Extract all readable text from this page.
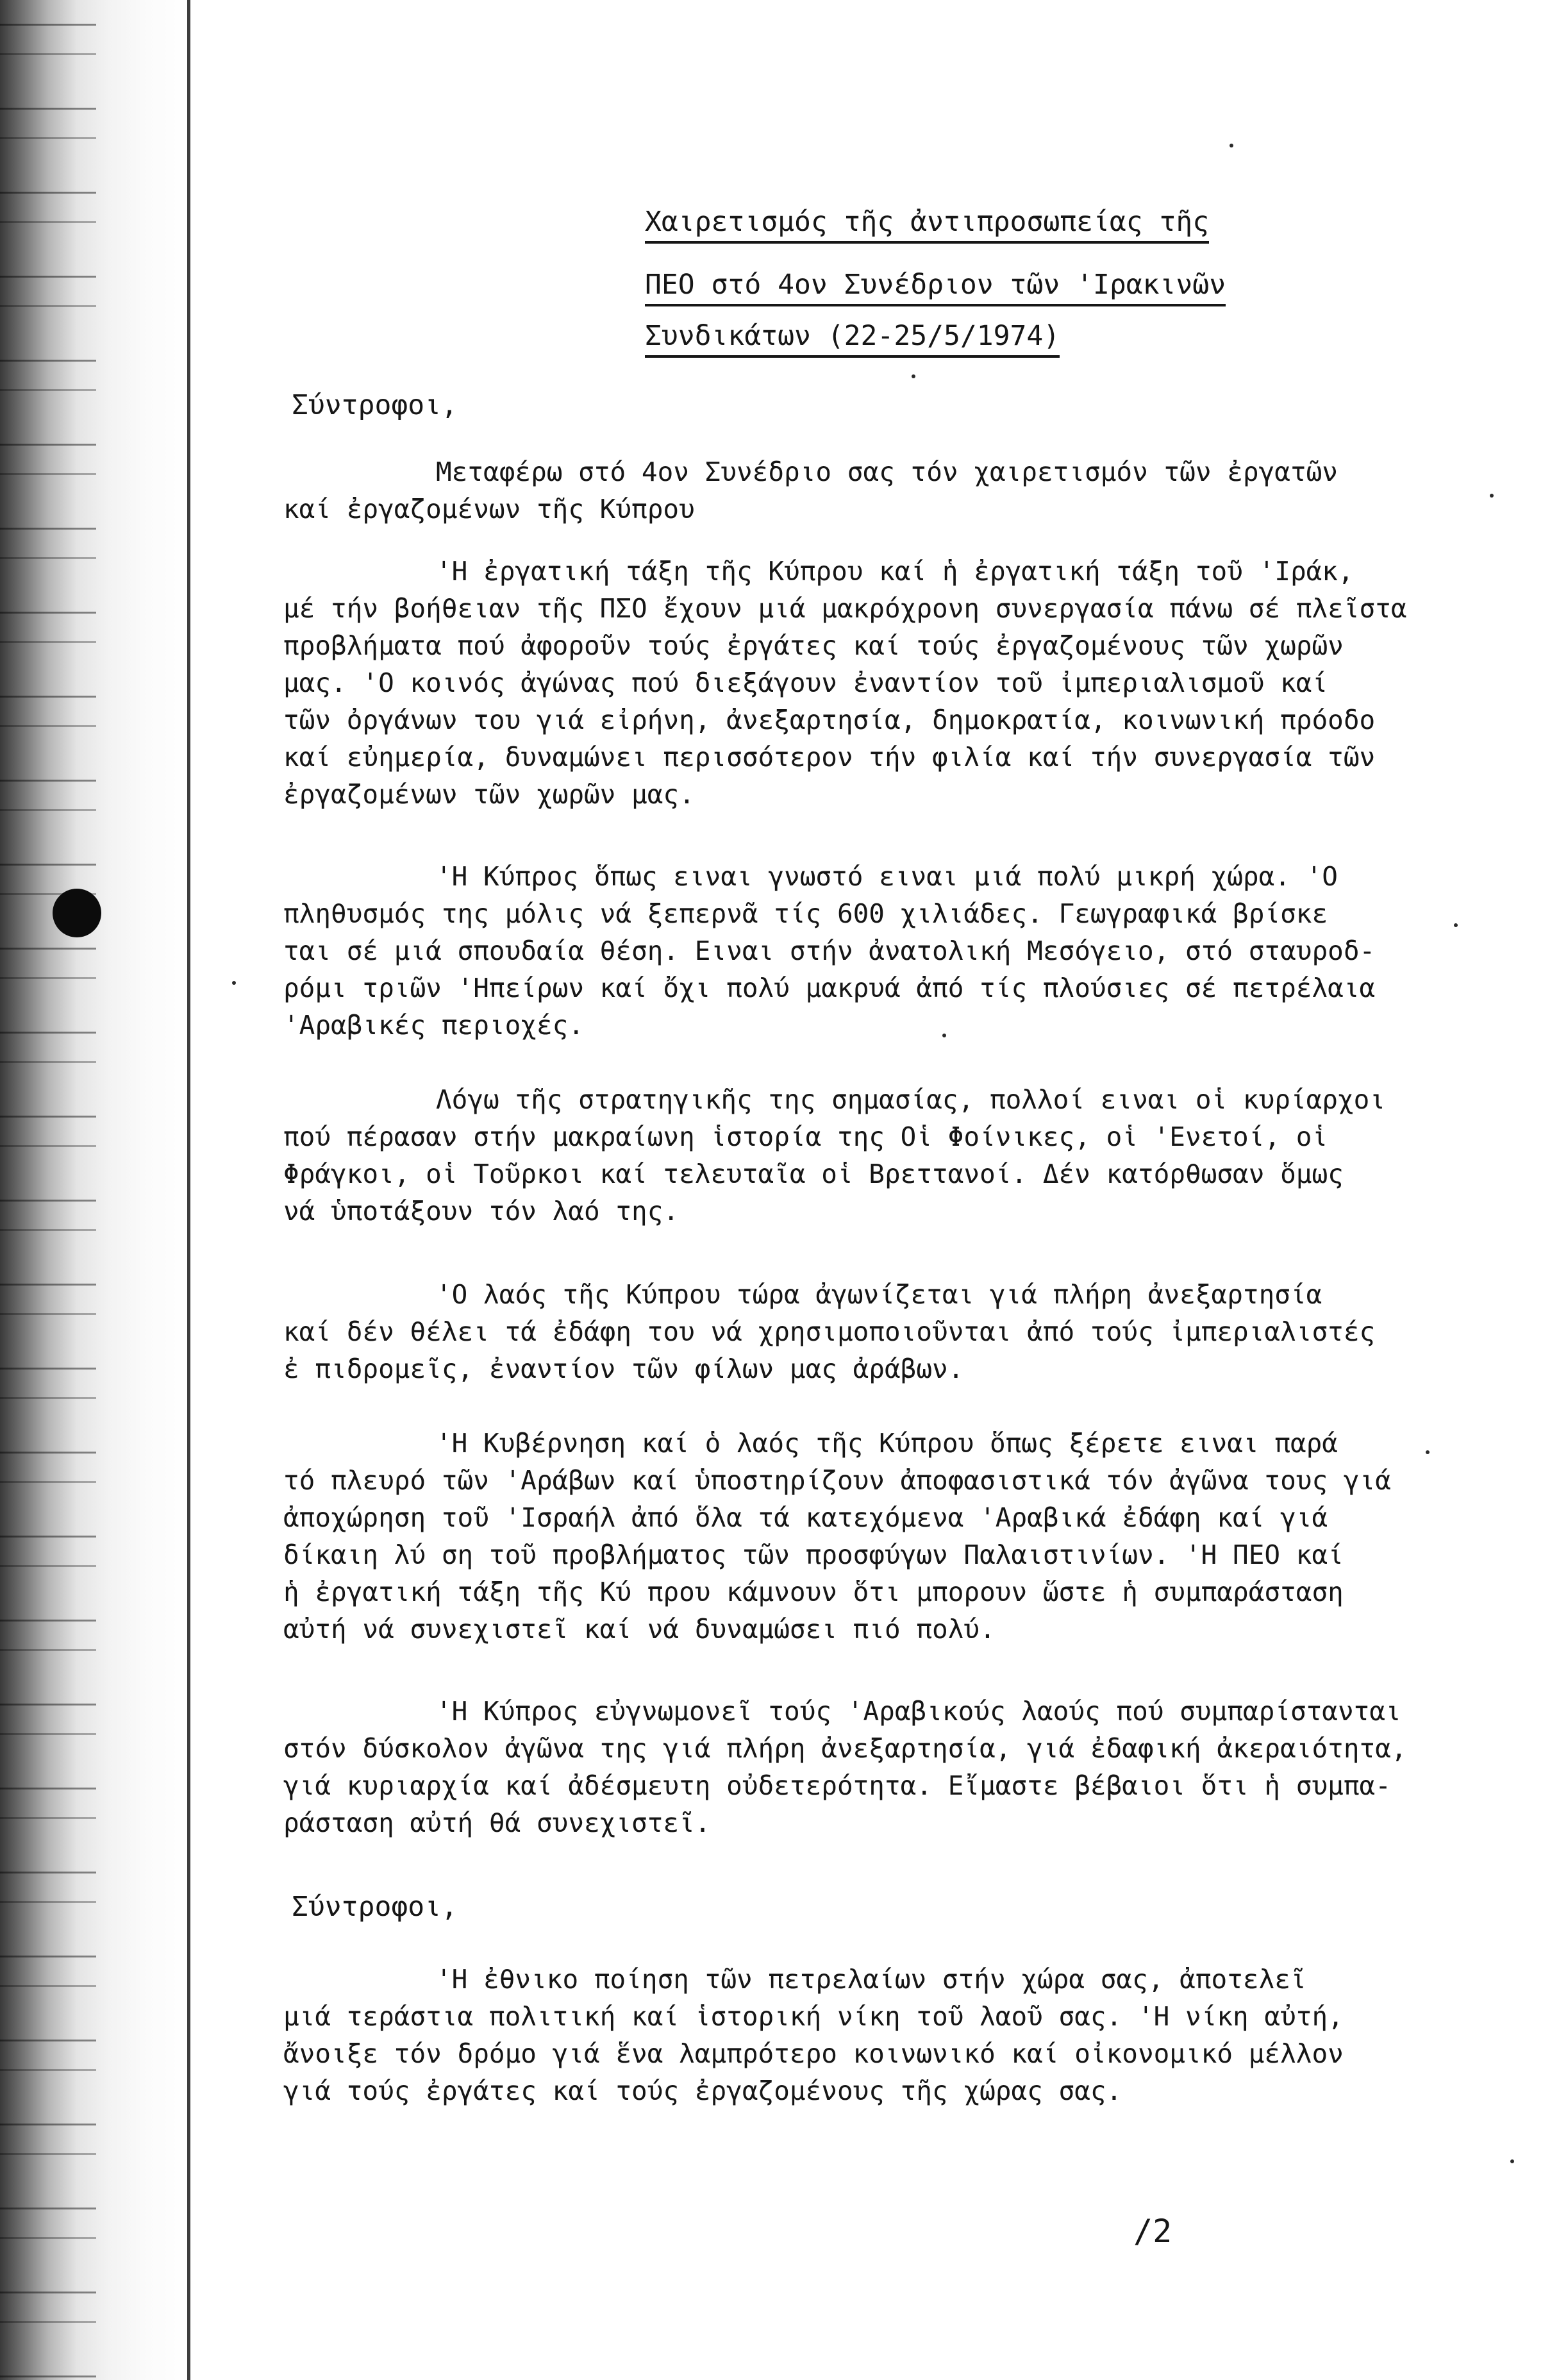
Χαιρετισμός τῆς ἀντιπροσωπείας τῆς
ΠΕΟ στό 4ον Συνέδριον τῶν 'Ιρακινῶν
Συνδικάτων (22-25/5/1974)
Σύντροφοι,
Μεταφέρω στό 4ον Συνέδριο σας τόν χαιρετισμόν τῶν ἐργατῶν
καί ἐργαζομένων τῆς Κύπρου
'Η ἐργατική τάξη τῆς Κύπρου καί ἡ ἐργατική τάξη τοῦ 'Ιράκ,
μέ τήν βοήθειαν τῆς ΠΣΟ ἔχουν μιά μακρόχρονη συνεργασία πάνω σέ πλεῖστα
προβλήματα πού ἀφοροῦν τούς ἐργάτες καί τούς ἐργαζομένους τῶν χωρῶν
μας. 'Ο κοινός ἀγώνας πού διεξάγουν ἐναντίον τοῦ ἰμπεριαλισμοῦ καί
τῶν ὀργάνων του γιά εἰρήνη, ἀνεξαρτησία, δημοκρατία, κοινωνική πρόοδο
καί εὐημερία, δυναμώνει περισσότερον τήν φιλία καί τήν συνεργασία τῶν
ἐργαζομένων τῶν χωρῶν μας.
'Η Κύπρος ὅπως ειναι γνωστό ειναι μιά πολύ μικρή χώρα. 'Ο
πληθυσμός της μόλις νά ξεπερνᾶ τίς 600 χιλιάδες. Γεωγραφικά βρίσκε
ται σέ μιά σπουδαία θέση. Ειναι στήν ἀνατολική Μεσόγειο, στό σταυροδ-
ρόμι τριῶν 'Ηπείρων καί ὄχι πολύ μακρυά ἀπό τίς πλούσιες σέ πετρέλαια
'Αραβικές περιοχές.
Λόγω τῆς στρατηγικῆς της σημασίας, πολλοί ειναι οἱ κυρίαρχοι
πού πέρασαν στήν μακραίωνη ἱστορία της Οἱ Φοίνικες, οἱ 'Ενετοί, οἱ
Φράγκοι, οἱ Τοῦρκοι καί τελευταῖα οἱ Βρεττανοί. Δέν κατόρθωσαν ὅμως
νά ὑποτάξουν τόν λαό της.
'Ο λαός τῆς Κύπρου τώρα ἀγωνίζεται γιά πλήρη ἀνεξαρτησία
καί δέν θέλει τά ἐδάφη του νά χρησιμοποιοῦνται ἀπό τούς ἰμπεριαλιστές
ἐ πιδρομεῖς, ἐναντίον τῶν φίλων μας ἀράβων.
'Η Κυβέρνηση καί ὁ λαός τῆς Κύπρου ὅπως ξέρετε ειναι παρά
τό πλευρό τῶν 'Αράβων καί ὑποστηρίζουν ἀποφασιστικά τόν ἀγῶνα τους γιά
ἀποχώρηση τοῦ 'Ισραήλ ἀπό ὅλα τά κατεχόμενα 'Αραβικά ἐδάφη καί γιά
δίκαιη λύ ση τοῦ προβλήματος τῶν προσφύγων Παλαιστινίων. 'Η ΠΕΟ καί
ἡ ἐργατική τάξη τῆς Κύ πρου κάμνουν ὅτι μπορουν ὥστε ἡ συμπαράσταση
αὐτή νά συνεχιστεῖ καί νά δυναμώσει πιό πολύ.
'Η Κύπρος εὐγνωμονεῖ τούς 'Αραβικούς λαούς πού συμπαρίστανται
στόν δύσκολον ἀγῶνα της γιά πλήρη ἀνεξαρτησία, γιά ἐδαφική ἀκεραιότητα,
γιά κυριαρχία καί ἀδέσμευτη οὐδετερότητα. Εἴμαστε βέβαιοι ὅτι ἡ συμπα-
ράσταση αὐτή θά συνεχιστεῖ.
Σύντροφοι,
'Η ἐθνικο ποίηση τῶν πετρελαίων στήν χώρα σας, ἀποτελεῖ
μιά τεράστια πολιτική καί ἱστορική νίκη τοῦ λαοῦ σας. 'Η νίκη αὐτή,
ἄνοιξε τόν δρόμο γιά ἕνα λαμπρότερο κοινωνικό καί οἰκονομικό μέλλον
γιά τούς ἐργάτες καί τούς ἐργαζομένους τῆς χώρας σας.
/2
